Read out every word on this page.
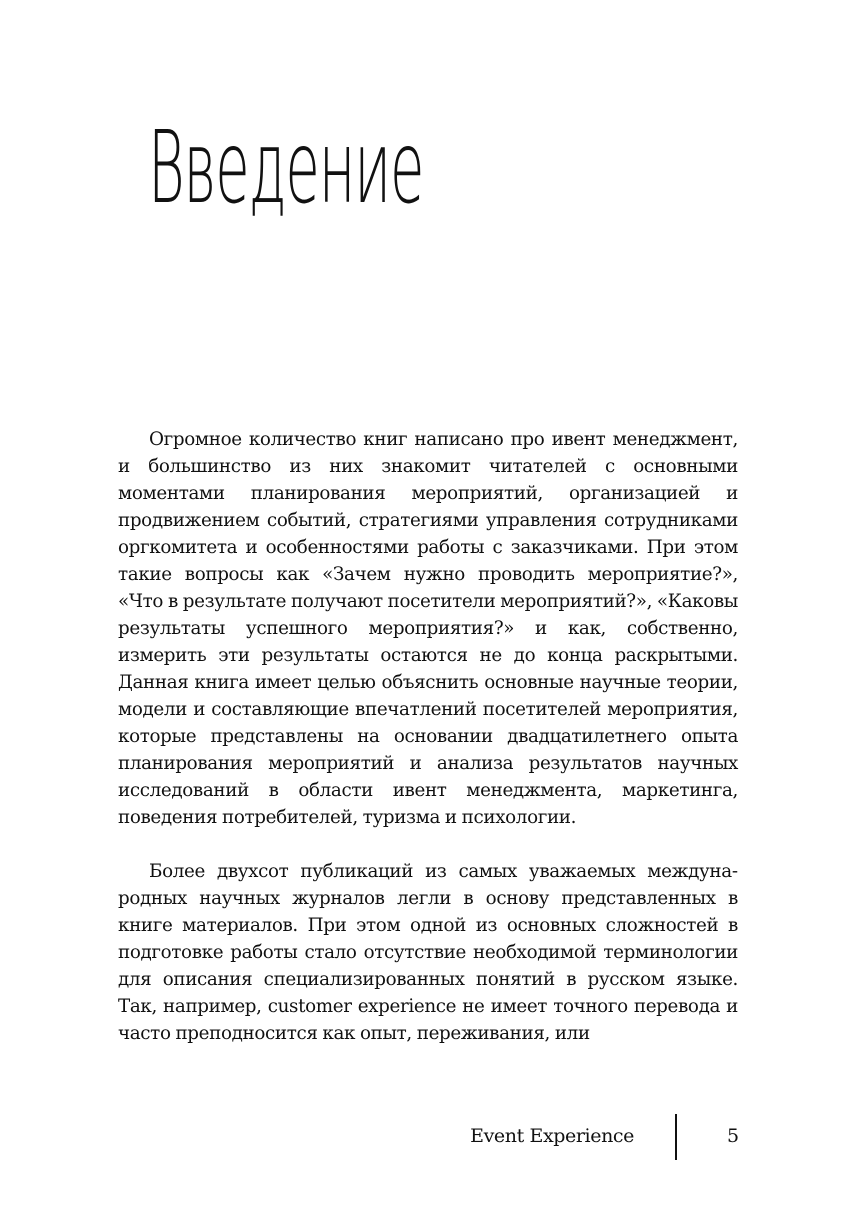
Введение

Огромное количество книг написано про ивент менеджмент, и большинство из них знакомит читателей с основными моментами планирования мероприятий, организацией и продвижением событий, стратегиями управления сотрудниками оргкомитета и особенностями работы с заказчиками. При этом такие вопросы как «Зачем нужно проводить мероприятие?», «Что в результате получают посетители мероприятий?», «Каковы результаты успешного мероприятия?» и как, собственно, измерить эти результаты остаются не до конца раскрытыми. Данная книга имеет целью объяснить основные научные теории, модели и составляющие впечатлений посетителей мероприятия, которые представлены на основании двадцатилетнего опыта планирования мероприятий и анализа результатов научных исследований в области ивент менеджмента, маркетинга, поведения потребителей, туризма и психологии.

Более двухсот публикаций из самых уважаемых международных научных журналов легли в основу представленных в книге материалов. При этом одной из основных сложностей в подготовке работы стало отсутствие необходимой терминологии для описания специализированных понятий в русском языке. Так, например, customer experience не имеет точного перевода и часто преподносится как опыт, переживания, или

Event Experience	5
